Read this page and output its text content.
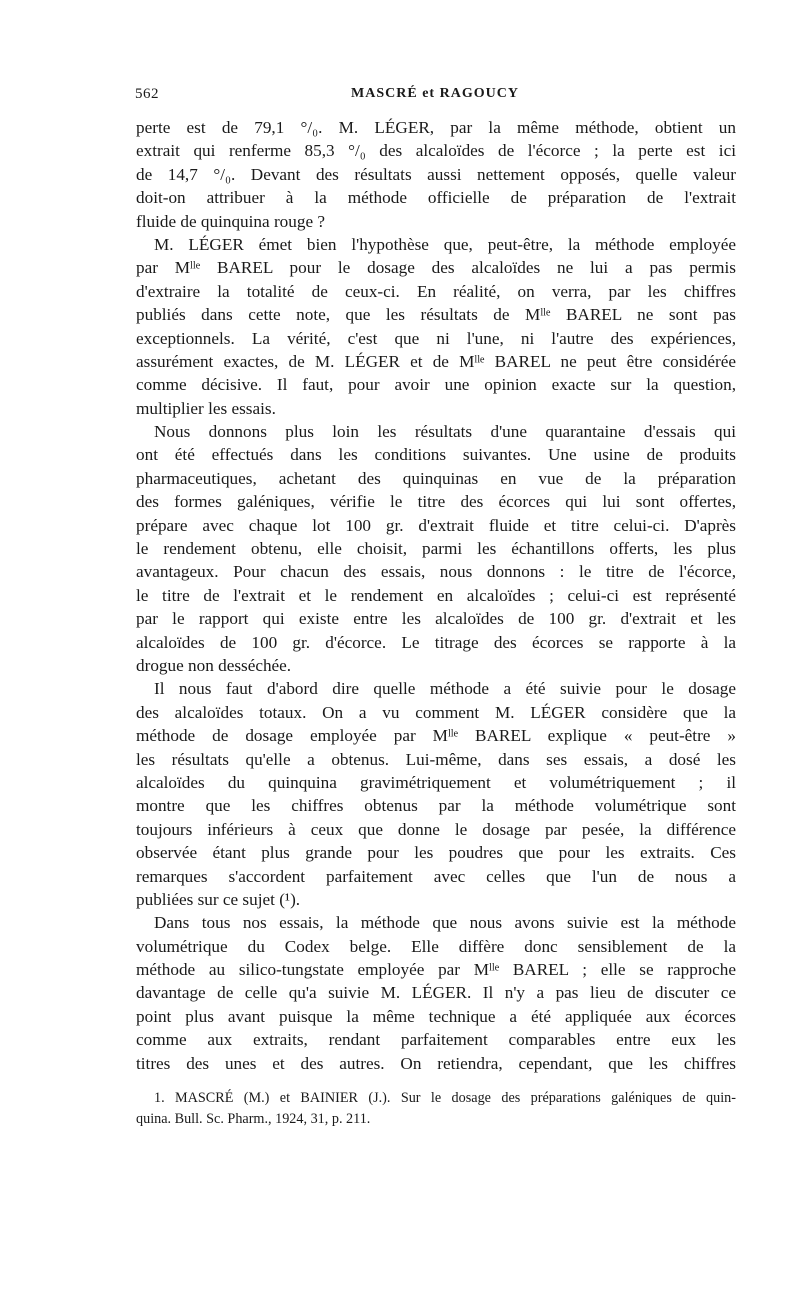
562	MASCRÉ et RAGOUCY
perte est de 79,1 °/₀. M. LÉGER, par la même méthode, obtient un
extrait qui renferme 85,3 °/₀ des alcaloïdes de l'écorce ; la perte est ici
de 14,7 °/₀. Devant des résultats aussi nettement opposés, quelle valeur
doit-on attribuer à la méthode officielle de préparation de l'extrait
fluide de quinquina rouge ?
M. LÉGER émet bien l'hypothèse que, peut-être, la méthode employée
par Mˡˡᵉ BAREL pour le dosage des alcaloïdes ne lui a pas permis
d'extraire la totalité de ceux-ci. En réalité, on verra, par les chiffres
publiés dans cette note, que les résultats de Mˡˡᵉ BAREL ne sont pas
exceptionnels. La vérité, c'est que ni l'une, ni l'autre des expériences,
assurément exactes, de M. LÉGER et de Mˡˡᵉ BAREL ne peut être considérée
comme décisive. Il faut, pour avoir une opinion exacte sur la question,
multiplier les essais.
Nous donnons plus loin les résultats d'une quarantaine d'essais qui
ont été effectués dans les conditions suivantes. Une usine de produits
pharmaceutiques, achetant des quinquinas en vue de la préparation
des formes galéniques, vérifie le titre des écorces qui lui sont offertes,
prépare avec chaque lot 100 gr. d'extrait fluide et titre celui-ci. D'après
le rendement obtenu, elle choisit, parmi les échantillons offerts, les plus
avantageux. Pour chacun des essais, nous donnons : le titre de l'écorce,
le titre de l'extrait et le rendement en alcaloïdes ; celui-ci est représenté
par le rapport qui existe entre les alcaloïdes de 100 gr. d'extrait et les
alcaloïdes de 100 gr. d'écorce. Le titrage des écorces se rapporte à la
drogue non desséchée.
Il nous faut d'abord dire quelle méthode a été suivie pour le dosage
des alcaloïdes totaux. On a vu comment M. LÉGER considère que la
méthode de dosage employée par Mˡˡᵉ BAREL explique « peut-être »
les résultats qu'elle a obtenus. Lui-même, dans ses essais, a dosé les
alcaloïdes du quinquina gravimétriquement et volumétriquement ; il
montre que les chiffres obtenus par la méthode volumétrique sont
toujours inférieurs à ceux que donne le dosage par pesée, la différence
observée étant plus grande pour les poudres que pour les extraits. Ces
remarques s'accordent parfaitement avec celles que l'un de nous a
publiées sur ce sujet (¹).
Dans tous nos essais, la méthode que nous avons suivie est la méthode
volumétrique du Codex belge. Elle diffère donc sensiblement de la
méthode au silico-tungstate employée par Mˡˡᵉ BAREL ; elle se rapproche
davantage de celle qu'a suivie M. LÉGER. Il n'y a pas lieu de discuter ce
point plus avant puisque la même technique a été appliquée aux écorces
comme aux extraits, rendant parfaitement comparables entre eux les
titres des unes et des autres. On retiendra, cependant, que les chiffres
1. MASCRÉ (M.) et BAINIER (J.). Sur le dosage des préparations galéniques de quin-
quina. Bull. Sc. Pharm., 1924, 31, p. 211.
